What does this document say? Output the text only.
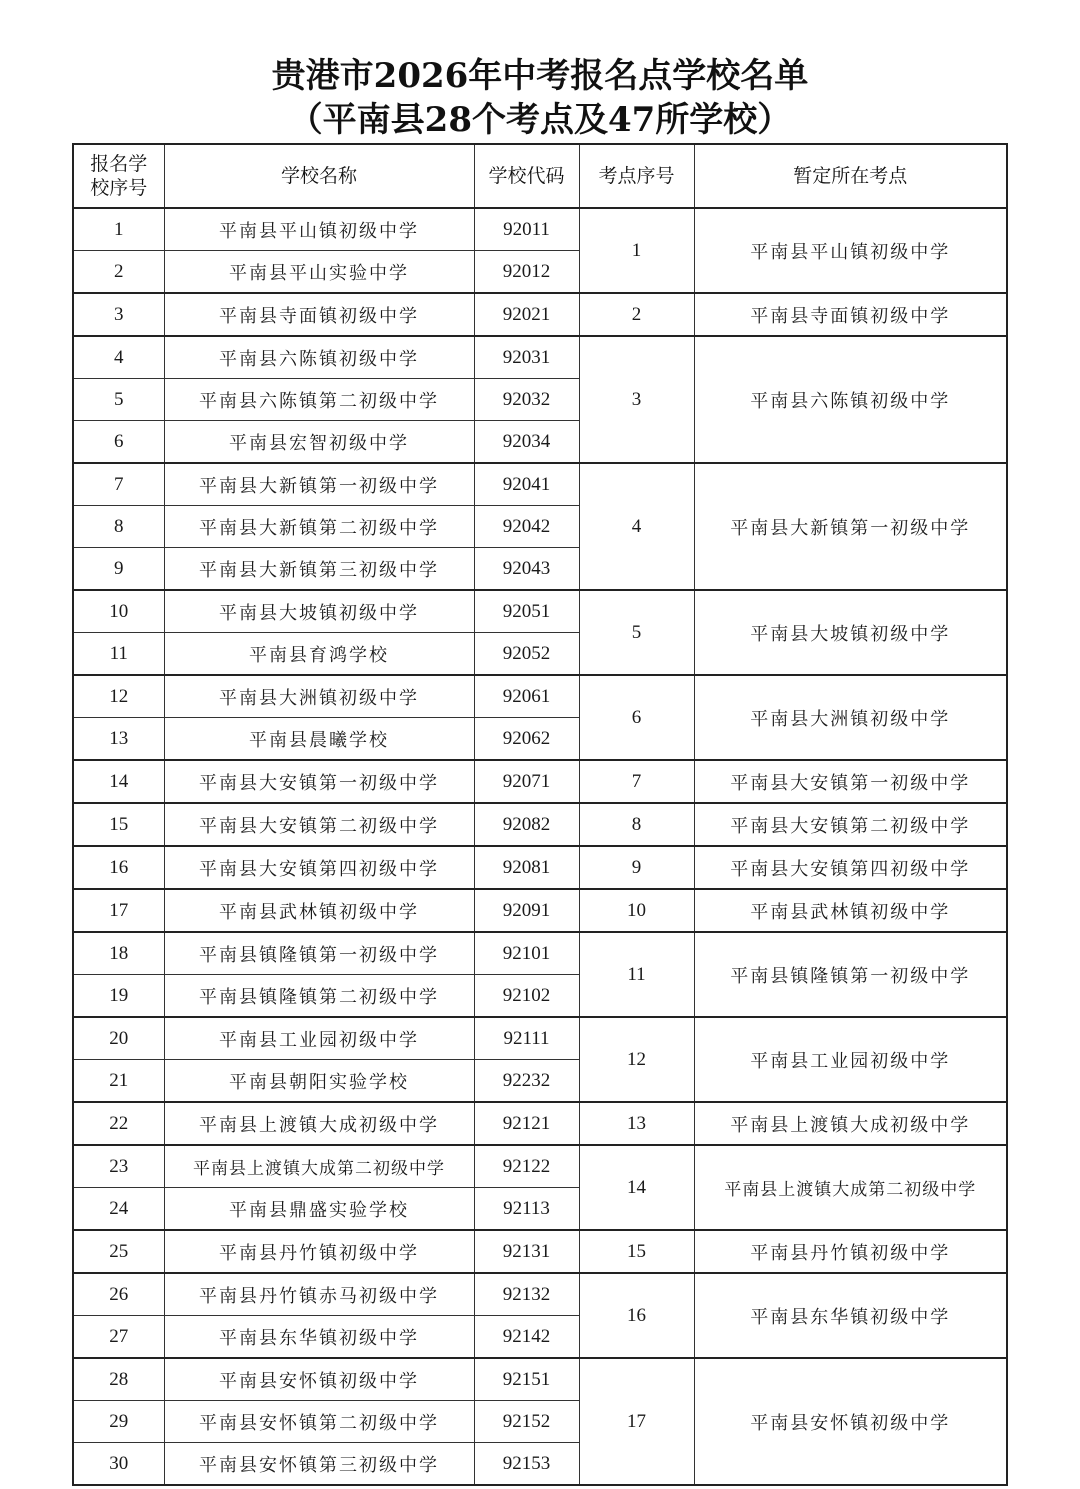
贵港市2026年中考报名点学校名单
（平南县28个考点及47所学校）
报名学校序号	学校名称	学校代码	考点序号	暂定所在考点
1	平南县平山镇初级中学	92011	1	平南县平山镇初级中学
2	平南县平山实验中学	92012		
3	平南县寺面镇初级中学	92021	2	平南县寺面镇初级中学
4	平南县六陈镇初级中学	92031	3	平南县六陈镇初级中学
5	平南县六陈镇第二初级中学	92032		
6	平南县宏智初级中学	92034		
7	平南县大新镇第一初级中学	92041	4	平南县大新镇第一初级中学
8	平南县大新镇第二初级中学	92042		
9	平南县大新镇第三初级中学	92043		
10	平南县大坡镇初级中学	92051	5	平南县大坡镇初级中学
11	平南县育鸿学校	92052		
12	平南县大洲镇初级中学	92061	6	平南县大洲镇初级中学
13	平南县晨曦学校	92062		
14	平南县大安镇第一初级中学	92071	7	平南县大安镇第一初级中学
15	平南县大安镇第二初级中学	92082	8	平南县大安镇第二初级中学
16	平南县大安镇第四初级中学	92081	9	平南县大安镇第四初级中学
17	平南县武林镇初级中学	92091	10	平南县武林镇初级中学
18	平南县镇隆镇第一初级中学	92101	11	平南县镇隆镇第一初级中学
19	平南县镇隆镇第二初级中学	92102		
20	平南县工业园初级中学	92111	12	平南县工业园初级中学
21	平南县朝阳实验学校	92232		
22	平南县上渡镇大成初级中学	92121	13	平南县上渡镇大成初级中学
23	平南县上渡镇大成第二初级中学	92122	14	平南县上渡镇大成第二初级中学
24	平南县鼎盛实验学校	92113		
25	平南县丹竹镇初级中学	92131	15	平南县丹竹镇初级中学
26	平南县丹竹镇赤马初级中学	92132	16	平南县东华镇初级中学
27	平南县东华镇初级中学	92142		
28	平南县安怀镇初级中学	92151	17	平南县安怀镇初级中学
29	平南县安怀镇第二初级中学	92152		
30	平南县安怀镇第三初级中学	92153		
